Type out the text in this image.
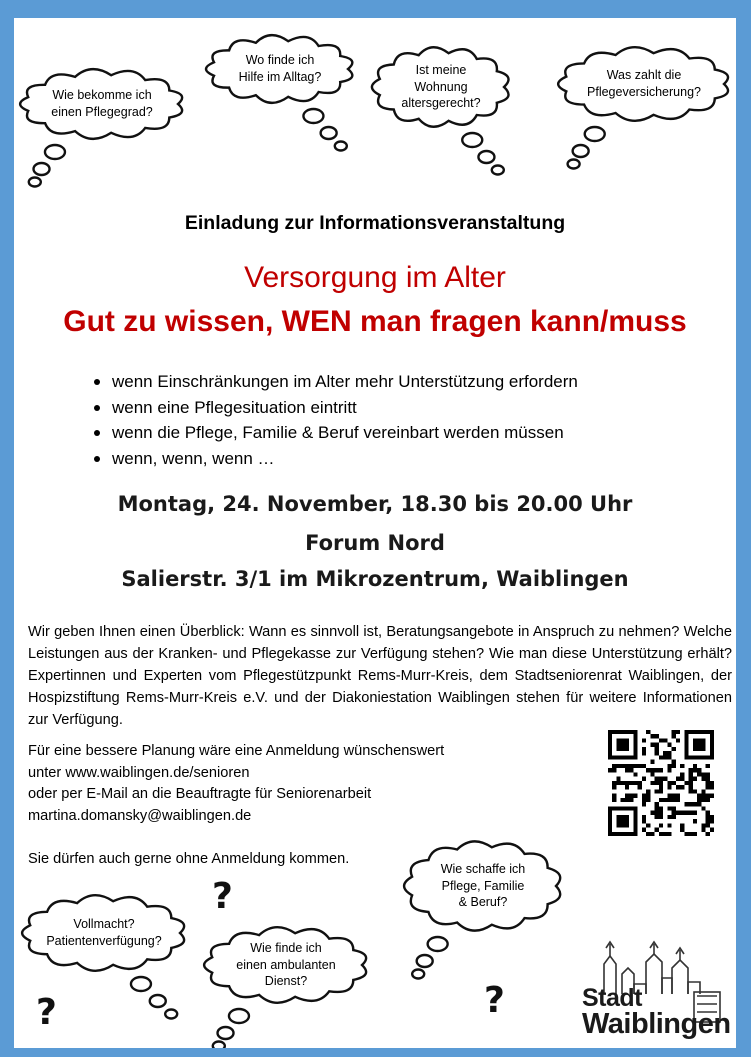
Wie bekomme ich
einen Pflegegrad?
Wo finde ich
Hilfe im Alltag?
Ist meine
Wohnung
altersgerecht?
Was zahlt die
Pflegeversicherung?
Wie schaffe ich
Pflege, Familie
& Beruf?
Vollmacht?
Patientenverfügung?	Wie finde ich
einen ambulanten
Dienst?
?
?	?
Einladung zur Informationsveranstaltung
Versorgung im Alter
Gut zu wissen, WEN man fragen kann/muss
wenn Einschränkungen im Alter mehr Unterstützung erfordern
wenn eine Pflegesituation eintritt
wenn die Pflege, Familie & Beruf vereinbart werden müssen
wenn, wenn, wenn …
Montag, 24. November, 18.30 bis 20.00 Uhr
Forum Nord
Salierstr. 3/1 im Mikrozentrum, Waiblingen
Wir geben Ihnen einen Überblick: Wann es sinnvoll ist, Beratungsangebote in Anspruch zu nehmen? Welche Leistungen aus der Kranken- und Pflegekasse zur Verfügung stehen? Wie man diese Unterstützung erhält? Expertinnen und Experten vom Pflegestützpunkt Rems-Murr-Kreis, dem Stadtseniorenrat Waiblingen, der Hospizstiftung Rems-Murr-Kreis e.V. und der Diakoniestation Waiblingen stehen für weitere Informationen zur Verfügung.
Für eine bessere Planung wäre eine Anmeldung wünschenswert
unter www.waiblingen.de/senioren
oder per E-Mail an die Beauftragte für Seniorenarbeit
martina.domansky@waiblingen.de
Sie dürfen auch gerne ohne Anmeldung kommen.
Stadt
Waiblingen
